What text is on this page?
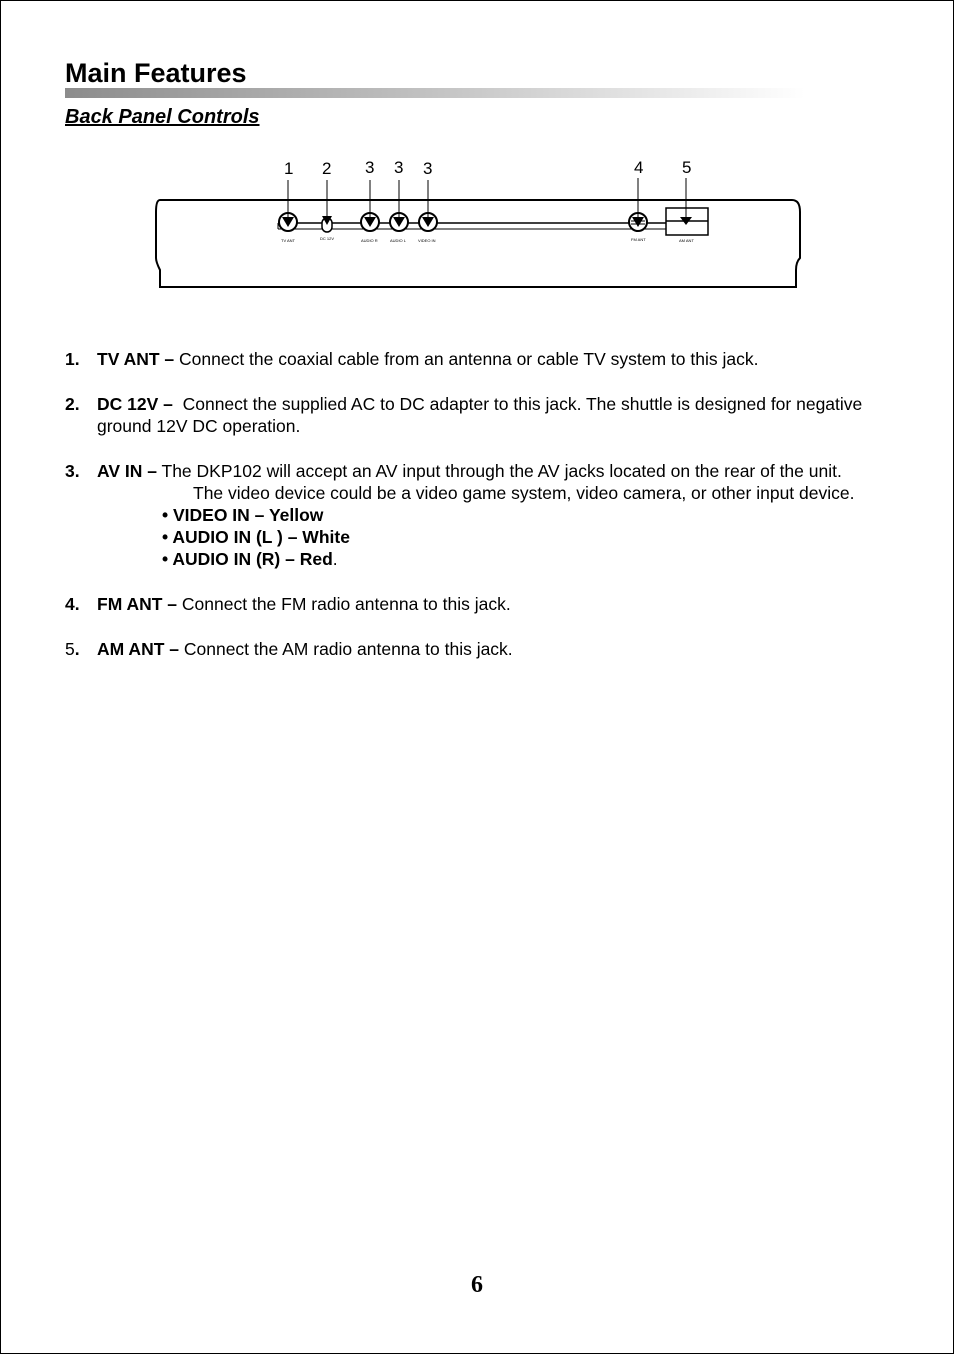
Main Features
Back Panel Controls
1 2 3 3 3	4 5
TV ANT	DC 12V	AUDIO R	AUDIO L	VIDEO IN	FM ANT	AM ANT
1. TV ANT – Connect the coaxial cable from an antenna or cable TV system to this jack.
2. DC 12V –  Connect the supplied AC to DC adapter to this jack. The shuttle is designed for negative ground 12V DC operation.
3. AV IN – The DKP102 will accept an AV input through the AV jacks located on the rear of the unit.
The video device could be a video game system, video camera, or other input device.
• VIDEO IN – Yellow
• AUDIO IN (L ) – White
• AUDIO IN (R) – Red.
4. FM ANT – Connect the FM radio antenna to this jack.
5. AM ANT – Connect the AM radio antenna to this jack.
6
